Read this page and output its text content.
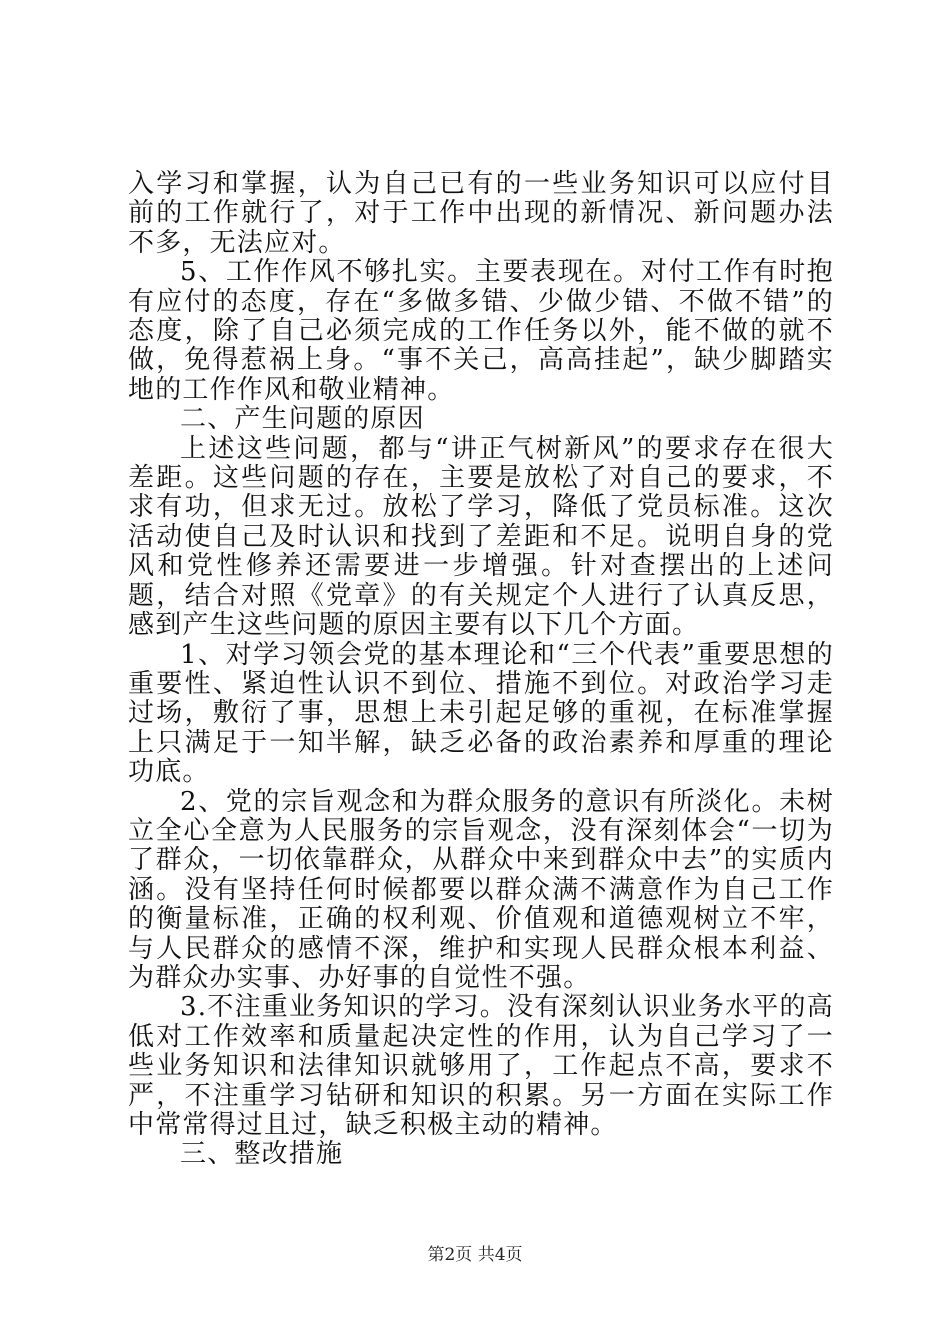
入学习和掌握，认为自己已有的一些业务知识可以应付目前的工作就行了，对于工作中出现的新情况、新问题办法不多，无法应对。

5、工作作风不够扎实。主要表现在。对付工作有时抱有应付的态度，存在“多做多错、少做少错、不做不错”的态度，除了自己必须完成的工作任务以外，能不做的就不做，免得惹祸上身。“事不关己，高高挂起”，缺少脚踏实地的工作作风和敬业精神。

二、产生问题的原因

上述这些问题，都与“讲正气树新风”的要求存在很大差距。这些问题的存在，主要是放松了对自己的要求，不求有功，但求无过。放松了学习，降低了党员标准。这次活动使自己及时认识和找到了差距和不足。说明自身的党风和党性修养还需要进一步增强。针对查摆出的上述问题，结合对照《党章》的有关规定个人进行了认真反思，感到产生这些问题的原因主要有以下几个方面。

1、对学习领会党的基本理论和“三个代表”重要思想的重要性、紧迫性认识不到位、措施不到位。对政治学习走过场，敷衍了事，思想上未引起足够的重视，在标准掌握上只满足于一知半解，缺乏必备的政治素养和厚重的理论功底。

2、党的宗旨观念和为群众服务的意识有所淡化。未树立全心全意为人民服务的宗旨观念，没有深刻体会“一切为了群众，一切依靠群众，从群众中来到群众中去”的实质内涵。没有坚持任何时候都要以群众满不满意作为自己工作的衡量标准，正确的权利观、价值观和道德观树立不牢，与人民群众的感情不深，维护和实现人民群众根本利益、为群众办实事、办好事的自觉性不强。

3.不注重业务知识的学习。没有深刻认识业务水平的高低对工作效率和质量起决定性的作用，认为自己学习了一些业务知识和法律知识就够用了，工作起点不高，要求不严，不注重学习钻研和知识的积累。另一方面在实际工作中常常得过且过，缺乏积极主动的精神。

三、整改措施

第2页 共4页
